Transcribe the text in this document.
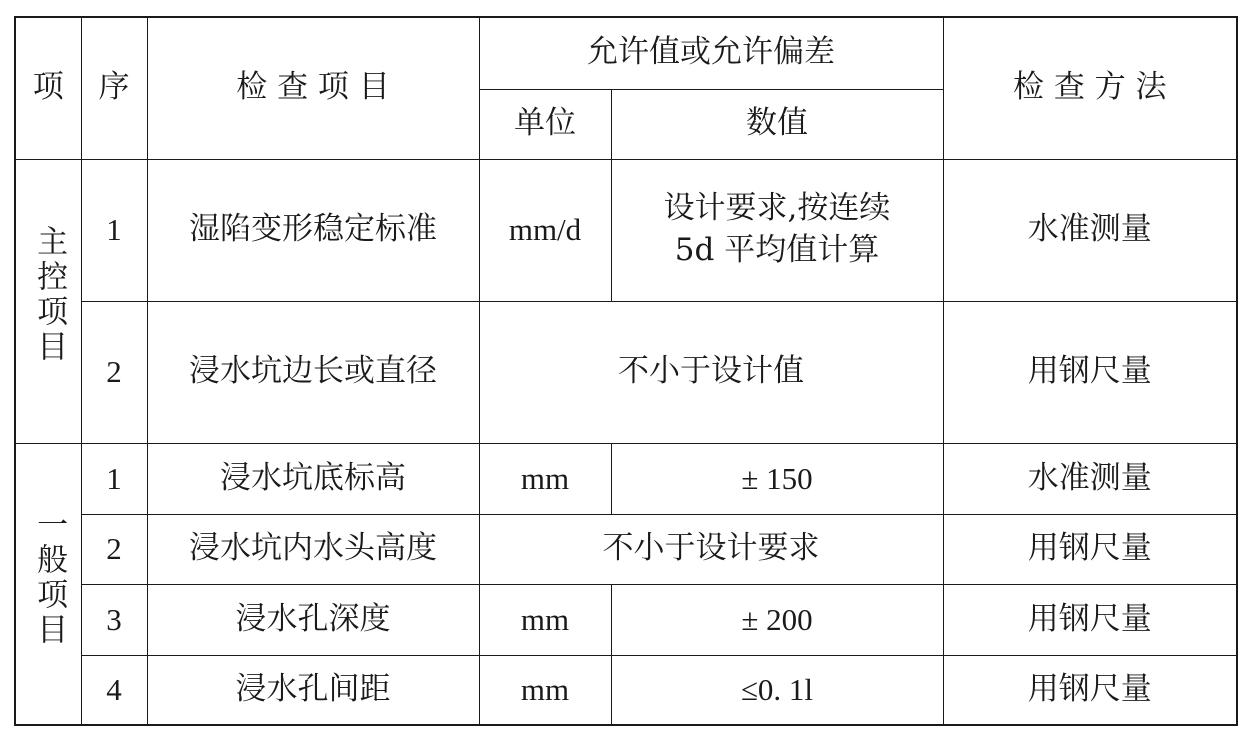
项	序	检 查 项 目	允许值或允许偏差		检 查 方 法
			单位	数值	
主控项目	1	湿陷变形稳定标准	mm/d	设计要求,按连续
5d 平均值计算	水准测量
	2	浸水坑边长或直径	不小于设计值		用钢尺量
一般项目	1	浸水坑底标高	mm	± 150	水准测量
	2	浸水坑内水头高度	不小于设计要求		用钢尺量
	3	浸水孔深度	mm	± 200	用钢尺量
	4	浸水孔间距	mm	≤0. 1l	用钢尺量
